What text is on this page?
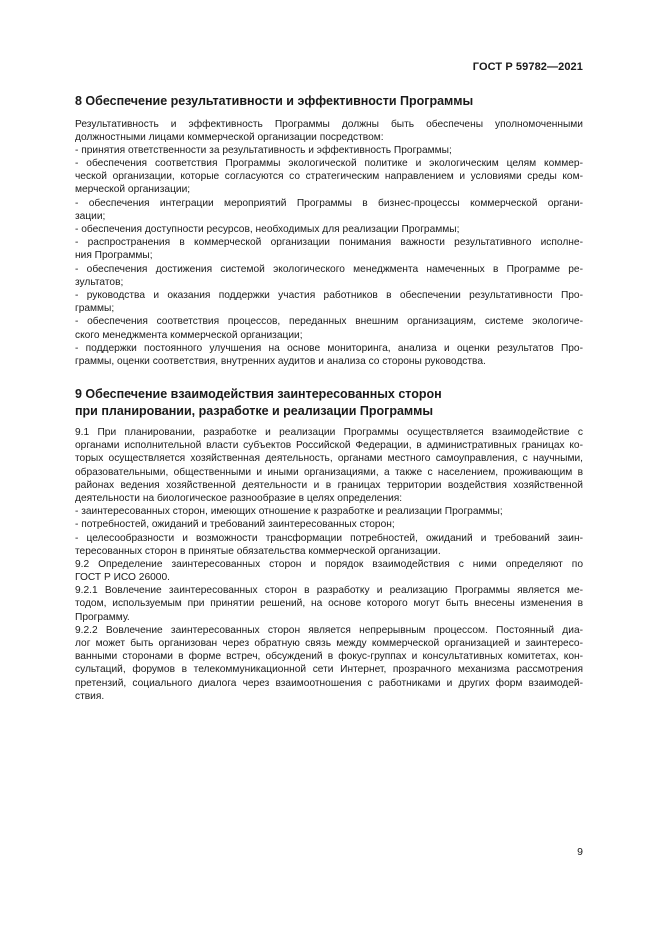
ГОСТ Р 59782—2021
8 Обеспечение результативности и эффективности Программы
Результативность и эффективность Программы должны быть обеспечены уполномоченными
должностными лицами коммерческой организации посредством:
- принятия ответственности за результативность и эффективность Программы;
- обеспечения соответствия Программы экологической политике и экологическим целям коммер-
ческой организации, которые согласуются со стратегическим направлением и условиями среды ком-
мерческой организации;
- обеспечения интеграции мероприятий Программы в бизнес-процессы коммерческой органи-
зации;
- обеспечения доступности ресурсов, необходимых для реализации Программы;
- распространения в коммерческой организации понимания важности результативного исполне-
ния Программы;
- обеспечения достижения системой экологического менеджмента намеченных в Программе ре-
зультатов;
- руководства и оказания поддержки участия работников в обеспечении результативности Про-
граммы;
- обеспечения соответствия процессов, переданных внешним организациям, системе экологиче-
ского менеджмента коммерческой организации;
- поддержки постоянного улучшения на основе мониторинга, анализа и оценки результатов Про-
граммы, оценки соответствия, внутренних аудитов и анализа со стороны руководства.
9 Обеспечение взаимодействия заинтересованных сторон
при планировании, разработке и реализации Программы
9.1 При планировании, разработке и реализации Программы осуществляется взаимодействие с
органами исполнительной власти субъектов Российской Федерации, в административных границах ко-
торых осуществляется хозяйственная деятельность, органами местного самоуправления, с научными,
образовательными, общественными и иными организациями, а также с населением, проживающим в
районах ведения хозяйственной деятельности и в границах территории воздействия хозяйственной
деятельности на биологическое разнообразие в целях определения:
- заинтересованных сторон, имеющих отношение к разработке и реализации Программы;
- потребностей, ожиданий и требований заинтересованных сторон;
- целесообразности и возможности трансформации потребностей, ожиданий и требований заин-
тересованных сторон в принятые обязательства коммерческой организации.
9.2 Определение заинтересованных сторон и порядок взаимодействия с ними определяют по
ГОСТ Р ИСО 26000.
9.2.1 Вовлечение заинтересованных сторон в разработку и реализацию Программы является ме-
тодом, используемым при принятии решений, на основе которого могут быть внесены изменения в
Программу.
9.2.2 Вовлечение заинтересованных сторон является непрерывным процессом. Постоянный диа-
лог может быть организован через обратную связь между коммерческой организацией и заинтересо-
ванными сторонами в форме встреч, обсуждений в фокус-группах и консультативных комитетах, кон-
сультаций, форумов в телекоммуникационной сети Интернет, прозрачного механизма рассмотрения
претензий, социального диалога через взаимоотношения с работниками и других форм взаимодей-
ствия.
9
